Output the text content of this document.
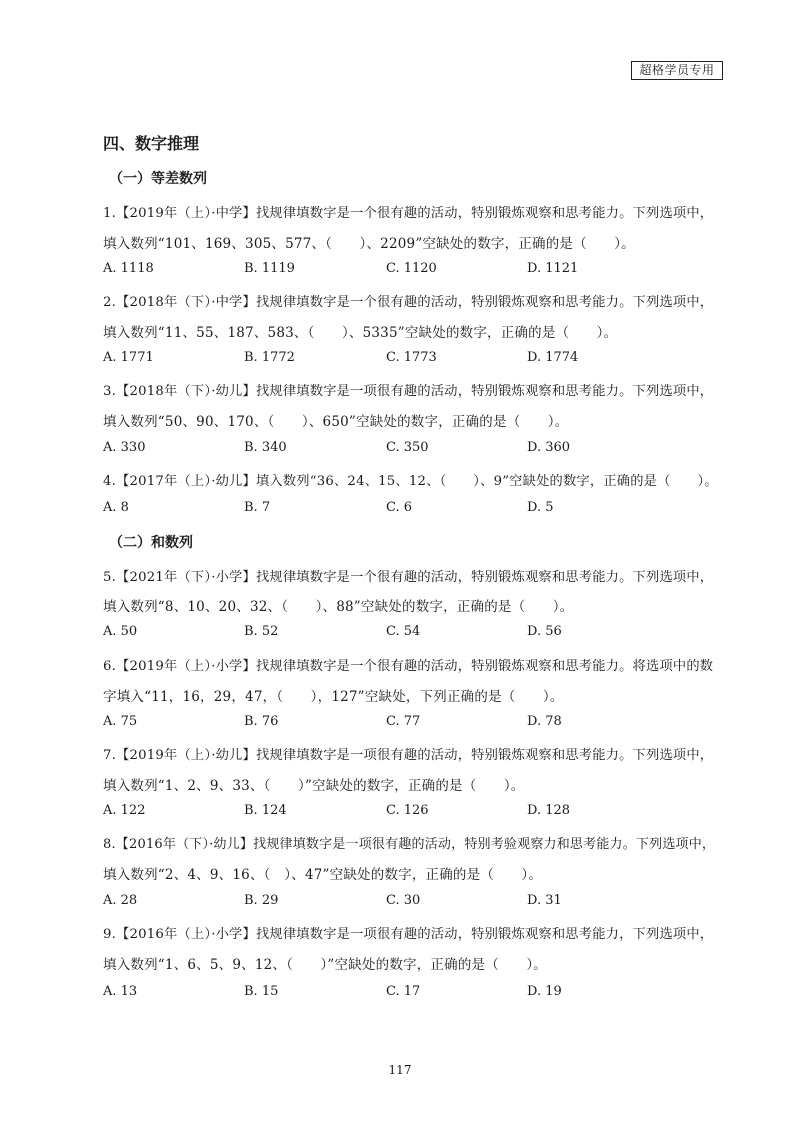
超格学员专用
四、数字推理
（一）等差数列
1.【2019年（上）·中学】找规律填数字是一个很有趣的活动，特别锻炼观察和思考能力。下列选项中，
填入数列“101、169、305、577、（　　）、2209”空缺处的数字，正确的是（　　）。
A. 1118	B. 1119	C. 1120	D. 1121
2.【2018年（下）·中学】找规律填数字是一个很有趣的活动，特别锻炼观察和思考能力。下列选项中，
填入数列“11、55、187、583、（　　）、5335”空缺处的数字，正确的是（　　）。
A. 1771	B. 1772	C. 1773	D. 1774
3.【2018年（下）·幼儿】找规律填数字是一项很有趣的活动，特别锻炼观察和思考能力。下列选项中，
填入数列“50、90、170、（　　）、650”空缺处的数字，正确的是（　　）。
A. 330	B. 340	C. 350	D. 360
4.【2017年（上）·幼儿】填入数列“36、24、15、12、（　　）、9”空缺处的数字，正确的是（　　）。
A. 8	B. 7	C. 6	D. 5
（二）和数列
5.【2021年（下）·小学】找规律填数字是一个很有趣的活动，特别锻炼观察和思考能力。下列选项中，
填入数列“8、10、20、32、（　　）、88”空缺处的数字，正确的是（　　）。
A. 50	B. 52	C. 54	D. 56
6.【2019年（上）·小学】找规律填数字是一个很有趣的活动，特别锻炼观察和思考能力。将选项中的数
字填入“11，16，29，47，（　　），127”空缺处，下列正确的是（　　）。
A. 75	B. 76	C. 77	D. 78
7.【2019年（上）·幼儿】找规律填数字是一项很有趣的活动，特别锻炼观察和思考能力。下列选项中，
填入数列“1、2、9、33、（　　）”空缺处的数字，正确的是（　　）。
A. 122	B. 124	C. 126	D. 128
8.【2016年（下）·幼儿】找规律填数字是一项很有趣的活动，特别考验观察力和思考能力。下列选项中，
填入数列“2、4、9、16、（　）、47”空缺处的数字，正确的是（　　）。
A. 28	B. 29	C. 30	D. 31
9.【2016年（上）·小学】找规律填数字是一项很有趣的活动，特别锻炼观察和思考能力，下列选项中，
填入数列“1、6、5、9、12、（　　）”空缺处的数字，正确的是（　　）。
A. 13	B. 15	C. 17	D. 19
117
